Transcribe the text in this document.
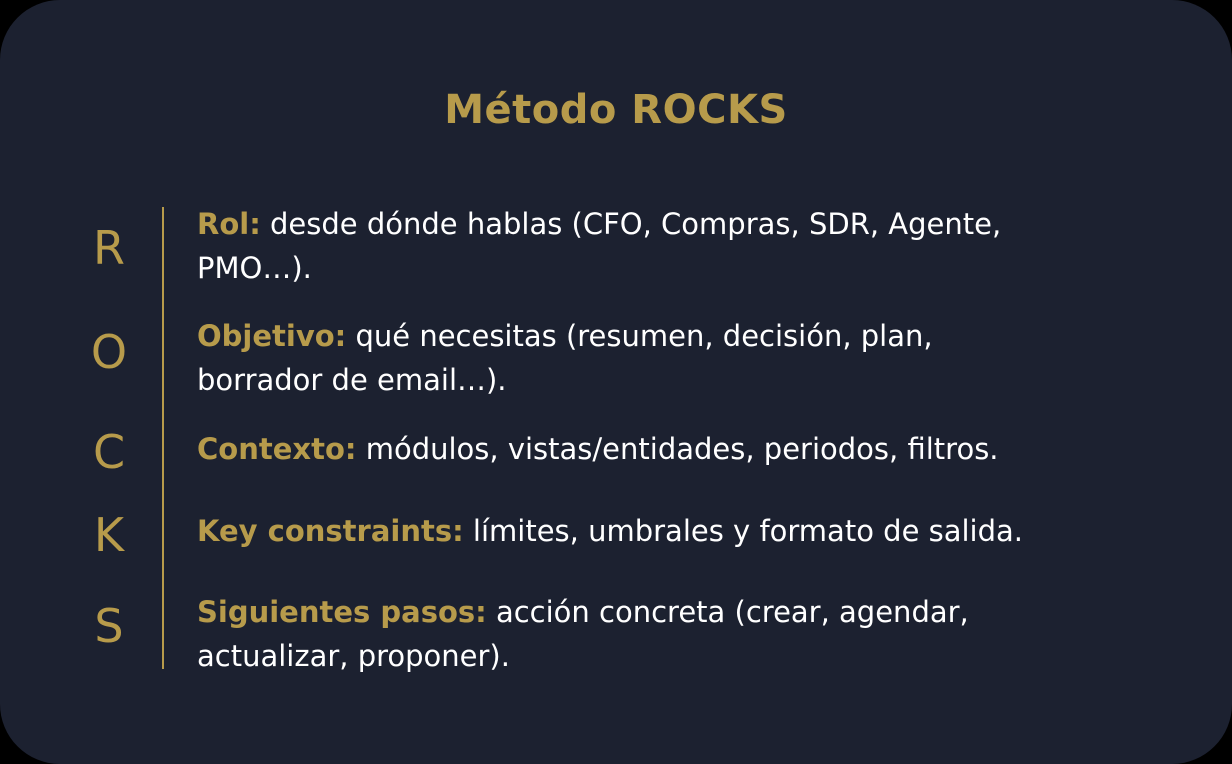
Método ROCKS
R
O
C
K
S
Rol: desde dónde hablas (CFO, Compras, SDR, Agente,
PMO…).
Objetivo: qué necesitas (resumen, decisión, plan,
borrador de email…).
Contexto: módulos, vistas/entidades, periodos, filtros.
Key constraints: límites, umbrales y formato de salida.
Siguientes pasos: acción concreta (crear, agendar,
actualizar, proponer).
